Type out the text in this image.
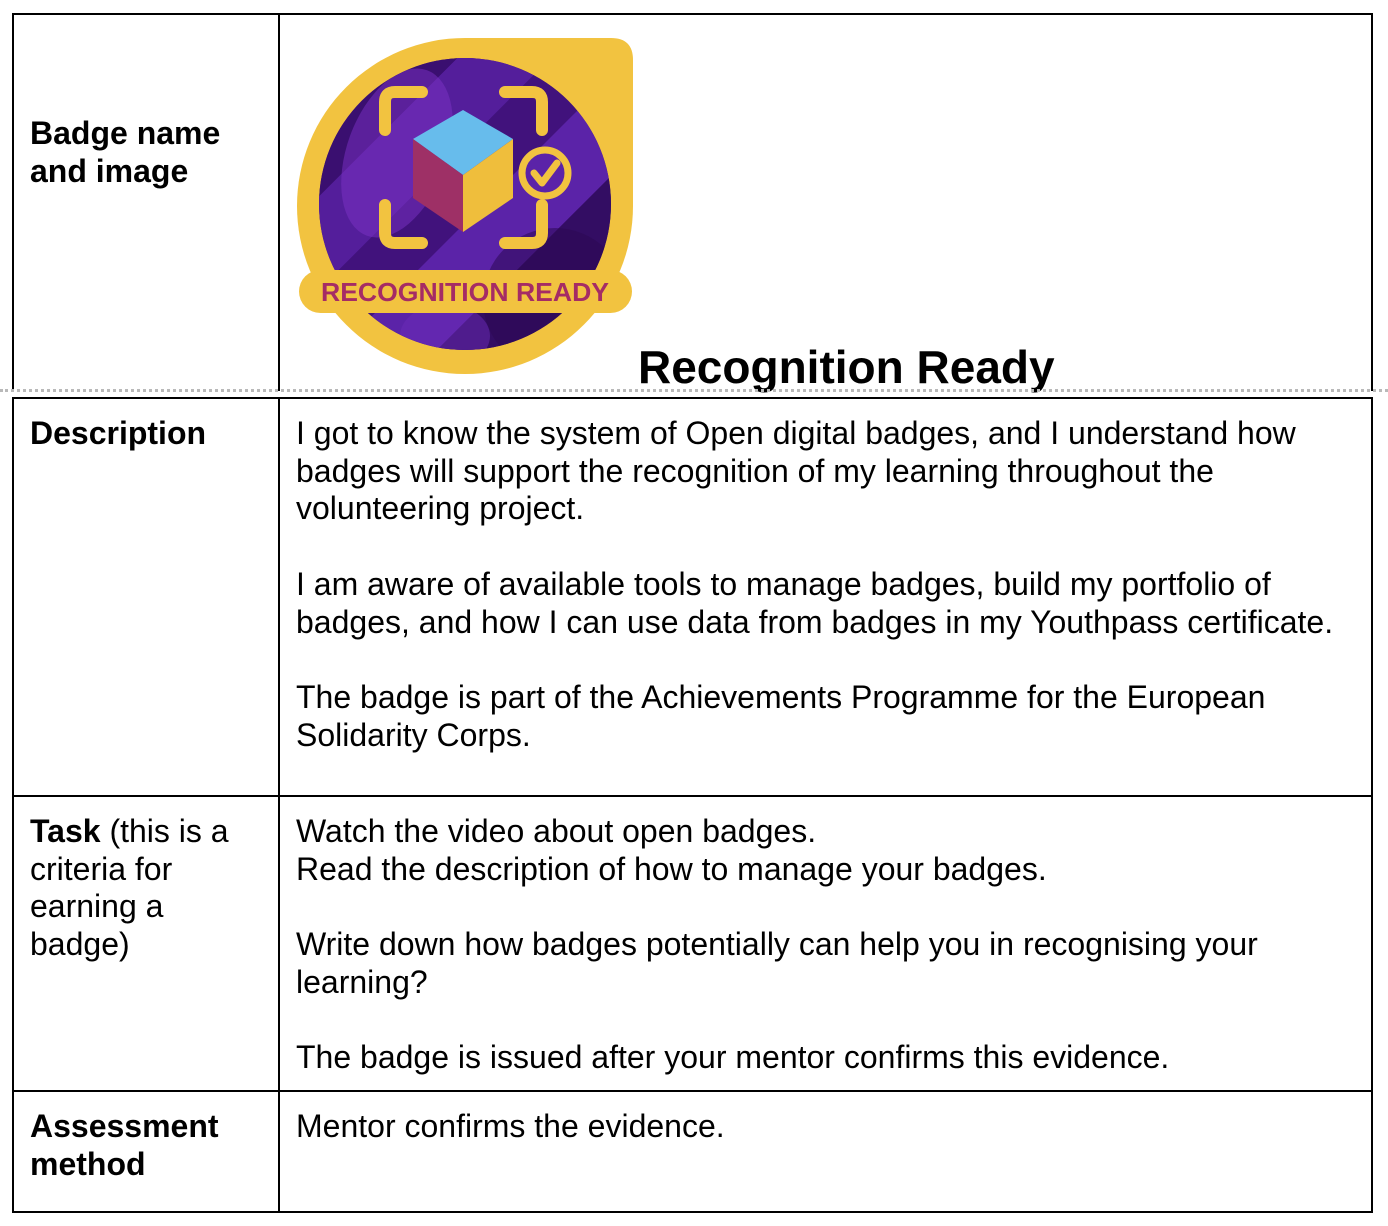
Badge name and image
RECOGNITION READY
Recognition Ready
Description	I got to know the system of Open digital badges, and I understand how badges will support the recognition of my learning throughout the volunteering project.

I am aware of available tools to manage badges, build my portfolio of badges, and how I can use data from badges in my Youthpass certificate.

The badge is part of the Achievements Programme for the European Solidarity Corps.

Task (this is a criteria for earning a badge)

Watch the video about open badges.

Read the description of how to manage your badges.

Write down how badges potentially can help you in recognising your learning?

The badge is issued after your mentor confirms this evidence.

Assessment method

Mentor confirms the evidence.
